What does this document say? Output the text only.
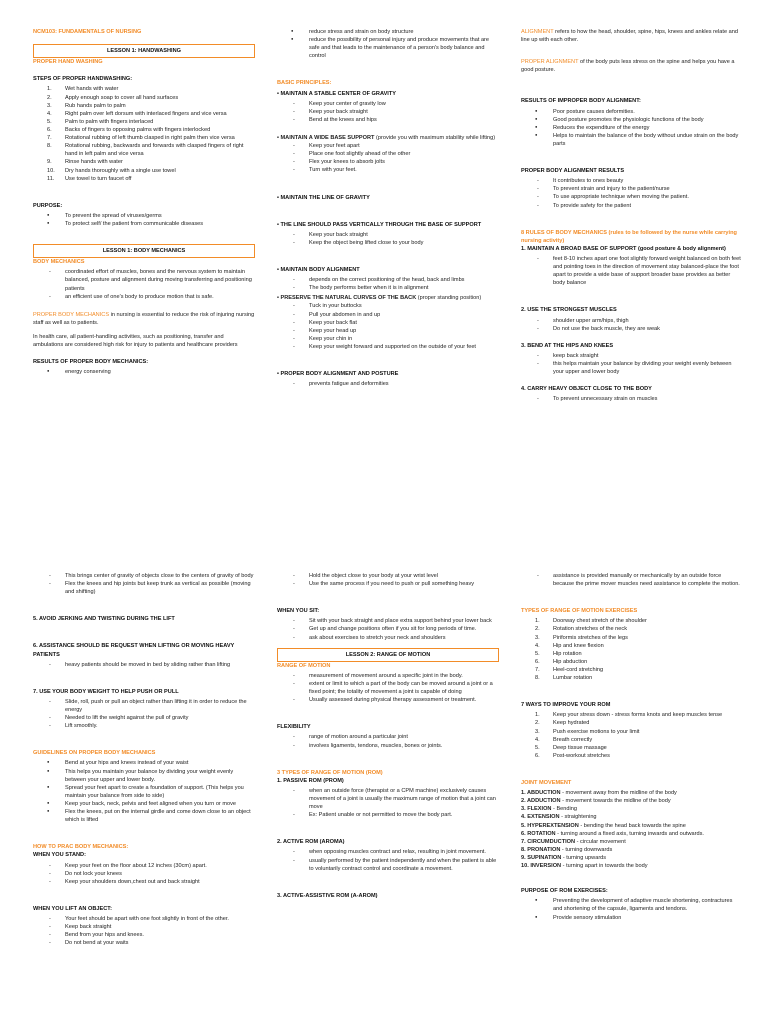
NCM103: FUNDAMENTALS OF NURSING
LESSON 1: HANDWASHING
PROPER HAND WASHING
STEPS OF PROPER HANDWASHING:
1. Wet hands with water
2. Apply enough soap to cover all hand surfaces
3. Rub hands palm to palm
4. Right palm over left dorsum with interlaced fingers and vice versa
5. Palm to palm with fingers interlaced
6. Backs of fingers to opposing palms with fingers interlocked
7. Rotational rubbing of left thumb clasped in right palm then vice versa
8. Rotational rubbing, backwards and forwards with clasped fingers of right hand in left palm and vice versa
9. Rinse hands with water
10. Dry hands thoroughly with a single use towel
11. Use towel to turn faucet off
PURPOSE:
●	To prevent the spread of viruses/germs
●	To protect self/ the patient from communicable diseases
LESSON 1: BODY MECHANICS
BODY MECHANICS
-	coordinated effort of muscles, bones and the nervous system to maintain balanced, posture and alignment during moving transferring and positioning patients
-	an efficient use of one's body to produce motion that is safe.
PROPER BODY MECHANICS in nursing is essential to reduce the risk of injuring nursing staff as well as to patients.
In health care, all patient-handling activities, such as positioning, transfer and ambulations are considered high risk for injury to patients and healthcare providers
RESULTS OF PROPER BODY MECHANICS:
●	energy conserving
●	reduce stress and strain on body structure
●	reduce the possibility of personal injury and produce movements that are safe and that leads to the maintenance of a person's body balance and control
BASIC PRINCIPLES:
• MAINTAIN A STABLE CENTER OF GRAVITY
-	Keep your center of gravity low
-	Keep your back straight
-	Bend at the knees and hips
• MAINTAIN A WIDE BASE SUPPORT (provide you with maximum stability while lifting)
-	Keep your feet apart
-	Place one foot slightly ahead of the other
-	Flex your knees to absorb jolts
-	Turn with your feet.
• MAINTAIN THE LINE OF GRAVITY
• THE LINE SHOULD PASS VERTICALLY THROUGH THE BASE OF SUPPORT
-	Keep your back straight
-	Keep the object being lifted close to your body
• MAINTAIN BODY ALIGNMENT
-	depends on the correct positioning of the head, back and limbs
-	The body performs better when it is in alignment
• PRESERVE THE NATURAL CURVES OF THE BACK (proper standing position)
-	Tuck in your buttocks
-	Pull your abdomen in and up
-	Keep your back flat
-	Keep your head up
-	Keep your chin in
-	Keep your weight forward and supported on the outside of your feet
• PROPER BODY ALIGNMENT AND POSTURE
-	prevents fatigue and deformities
ALIGNMENT refers to how the head, shoulder, spine, hips, knees and ankles relate and line up with each other.
PROPER ALIGNMENT of the body puts less stress on the spine and helps you have a good posture.
RESULTS OF IMPROPER BODY ALIGNMENT:
●	Poor posture causes deformities.
●	Good posture promotes the physiologic functions of the body
●	Reduces the expenditure of the energy
●	Helps to maintain the balance of the body without undue strain on the body parts
PROPER BODY ALIGNMENT RESULTS
-	It contributes to ones beauty
-	To prevent strain and injury to the patient/nurse
-	To use appropriate technique when moving the patient.
-	To provide safety for the patient
8 RULES OF BODY MECHANICS (rules to be followed by the nurse while carrying nursing activity)
1. MAINTAIN A BROAD BASE OF SUPPORT (good posture & body alignment)
-	feet 8-10 inches apart one foot slightly forward weight balanced on both feet and pointing toes in the direction of movement stay balanced-place the foot apart to provide a wide base of support broader base provides as better body balance
2. USE THE STRONGEST MUSCLES
-	shoulder upper arm/hips, thigh
-	Do not use the back muscle, they are weak
3. BEND AT THE HIPS AND KNEES
-	keep back straight
-	this helps maintain your balance by dividing your weight evenly between your upper and lower body
4. CARRY HEAVY OBJECT CLOSE TO THE BODY
-	To prevent unnecessary strain on muscles
-	This brings center of gravity of objects close to the centers of gravity of body
-	Flex the knees and hip joints but keep trunk as vertical as possible (moving and shifting)
5. AVOID JERKING AND TWISTING DURING THE LIFT
6. ASSISTANCE SHOULD BE REQUEST WHEN LIFTING OR MOVING HEAVY PATIENTS
-	heavy patients should be moved in bed by sliding rather than lifting
7. USE YOUR BODY WEIGHT TO HELP PUSH OR PULL
-	Slide, roll, push or pull an object rather than lifting it in order to reduce the energy
-	Needed to lift the weight against the pull of gravity
-	Lift smoothly.
GUIDELINES ON PROPER BODY MECHANICS
●	Bend at your hips and knees instead of your waist
●	This helps you maintain your balance by dividing your weight evenly between your upper and lower body.
●	Spread your feet apart to create a foundation of support. (This helps you maintain your balance from side to side)
●	Keep your back, neck, pelvis and feet aligned when you turn or move
●	Flex the knees, put on the internal girdle and come down close to an object which is lifted
HOW TO PRAC BODY MECHANICS:
WHEN YOU STAND:
-	Keep your feet on the floor about 12 inches (30cm) apart.
-	Do not lock your knees
-	Keep your shoulders down,chest out and back straight
WHEN YOU LIFT AN OBJECT:
-	Your feet should be apart with one foot slightly in front of the other.
-	Keep back straight
-	Bend from your hips and knees.
-	Do not bend at your waits
-	Hold the object close to your body at your wrist level
-	Use the same process if you need to push or pull something heavy
WHEN YOU SIT:
-	Sit with your back straight and place extra support behind your lower back
-	Get up and change positions often if you sit for long periods of time.
-	ask about exercises to stretch your neck and shoulders
LESSON 2: RANGE OF MOTION
RANGE OF MOTION
-	measurement of movement around a specific joint in the body.
-	extent or limit to which a part of the body can be moved around a joint or a fixed point; the totality of movement a joint is capable of doing
-	Usually assessed during physical therapy assessment or treatment.
FLEXIBILITY
-	range of motion around a particular joint
-	involves ligaments, tendons, muscles, bones or joints.
3 TYPES OF RANGE OF MOTION (ROM)
1. PASSIVE ROM (PROM)
-	when an outside force (therapist or a CPM machine) exclusively causes movement of a joint is usually the maximum range of motion that a joint can move
-	Ex: Patient unable or not permitted to move the body part.
2. ACTIVE ROM (AROMA)
-	when opposing muscles contract and relax, resulting in joint movement.
-	usually performed by the patient independently and when the patient is able to voluntarily contract control and coordinate a movement.
3. ACTIVE-ASSISTIVE ROM (A-AROM)
-	assistance is provided manually or mechanically by an outside force because the prime mover muscles need assistance to complete the motion.
TYPES OF RANGE OF MOTION EXERCISES
1. Doorway chest stretch of the shoulder
2. Rotation stretches of the neck
3. Piriformis stretches of the legs
4. Hip and knee flexion
5. Hip rotation
6. Hip abduction
7. Heel-cord stretching
8. Lumbar rotation
7 WAYS TO IMPROVE YOUR ROM
1. Keep your stress down - stress forms knots and keep muscles tense
2. Keep hydrated
3. Push exercise motions to your limit
4. Breath correctly
5. Deep tissue massage
6. Post-workout stretches
JOINT MOVEMENT
1. ABDUCTION - movement away from the midline of the body
2. ADDUCTION - movement towards the midline of the body
3. FLEXION - Bending
4. EXTENSION - straightening
5. HYPEREXTENSION - bending the head back towards the spine
6. ROTATION - turning around a fixed axis, turning inwards and outwards.
7. CIRCUMDUCTION - circular movement
8. PRONATION - turning downwards
9. SUPINATION - turning upwards
10. INVERSION - turning apart in towards the body
PURPOSE OF ROM EXERCISES:
●	Preventing the development of adaptive muscle shortening, contractures and shortening of the capsule, ligaments and tendons.
●	Provide sensory stimulation
